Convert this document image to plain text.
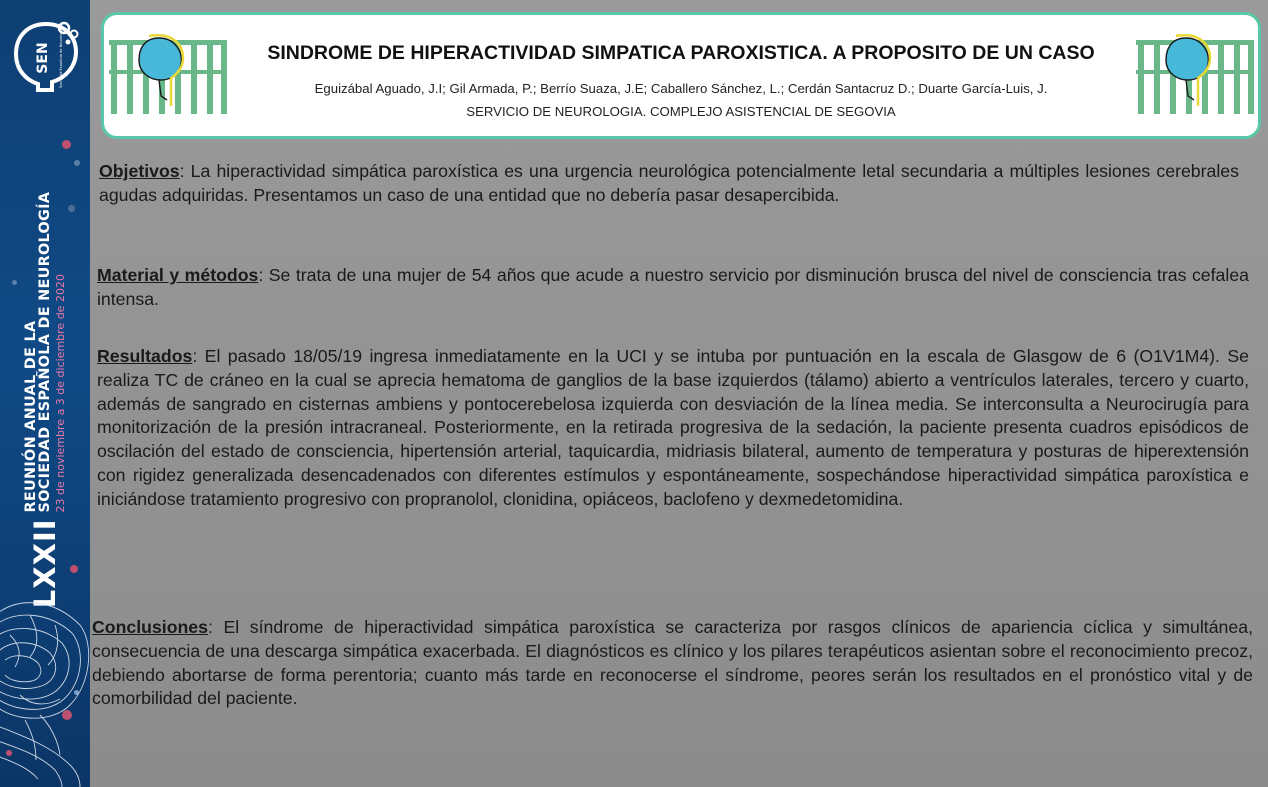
SEN Sociedad Española de Neurología
LXXII
REUNIÓN ANUAL DE LA
SOCIEDAD ESPAÑOLA DE NEUROLOGÍA 23 de noviembre a 3 de diciembre de 2020
SINDROME DE HIPERACTIVIDAD SIMPATICA PAROXISTICA. A PROPOSITO DE UN CASO
Eguizábal Aguado, J.I; Gil Armada, P.; Berrío Suaza, J.E; Caballero Sánchez, L.; Cerdán Santacruz D.; Duarte García-Luis, J.
SERVICIO DE NEUROLOGIA. COMPLEJO ASISTENCIAL DE SEGOVIA
Objetivos: La hiperactividad simpática paroxística es una urgencia neurológica potencialmente letal secundaria a múltiples lesiones cerebrales agudas adquiridas. Presentamos un caso de una entidad que no debería pasar desapercibida.
Material y métodos: Se trata de una mujer de 54 años que acude a nuestro servicio por disminución brusca del nivel de consciencia tras cefalea intensa.
Resultados: El pasado 18/05/19 ingresa inmediatamente en la UCI y se intuba por puntuación en la escala de Glasgow de 6 (O1V1M4). Se realiza TC de cráneo en la cual se aprecia hematoma de ganglios de la base izquierdos (tálamo) abierto a ventrículos laterales, tercero y cuarto, además de sangrado en cisternas ambiens y pontocerebelosa izquierda con desviación de la línea media. Se interconsulta a Neurocirugía para monitorización de la presión intracraneal. Posteriormente, en la retirada progresiva de la sedación, la paciente presenta cuadros episódicos de oscilación del estado de consciencia, hipertensión arterial, taquicardia, midriasis bilateral, aumento de temperatura y posturas de hiperextensión con rigidez generalizada desencadenados con diferentes estímulos y espontáneamente, sospechándose hiperactividad simpática paroxística e iniciándose tratamiento progresivo con propranolol, clonidina, opiáceos, baclofeno y dexmedetomidina.
Conclusiones: El síndrome de hiperactividad simpática paroxística se caracteriza por rasgos clínicos de apariencia cíclica y simultánea, consecuencia de una descarga simpática exacerbada. El diagnósticos es clínico y los pilares terapéuticos asientan sobre el reconocimiento precoz, debiendo abortarse de forma perentoria; cuanto más tarde en reconocerse el síndrome, peores serán los resultados en el pronóstico vital y de comorbilidad del paciente.
